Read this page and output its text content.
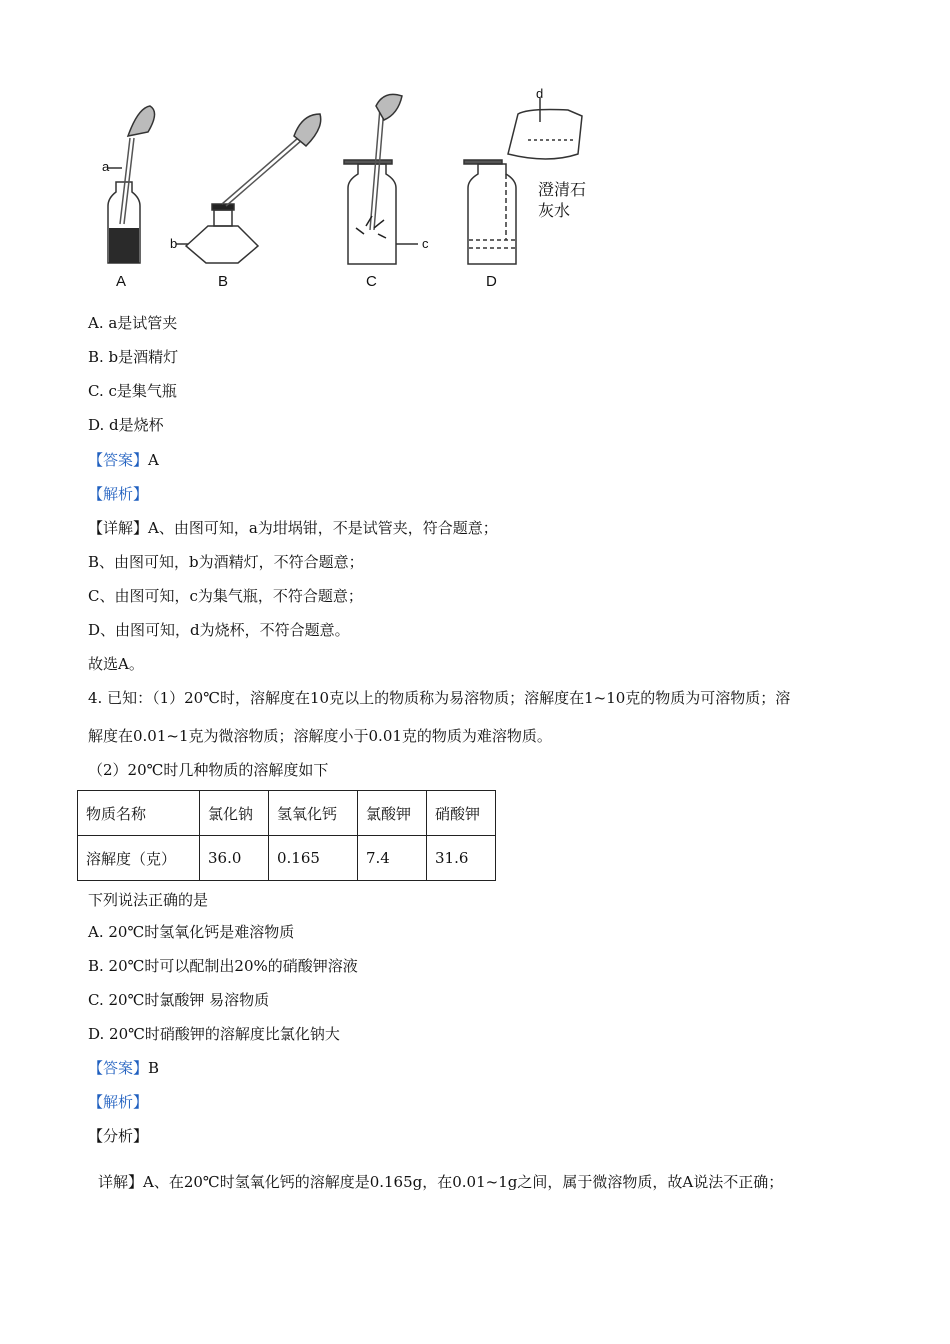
a
A
b
B
c
C
d
澄清石
灰水
D
A. a是试管夹
B. b是酒精灯
C. c是集气瓶
D. d是烧杯
【答案】A
【解析】
【详解】A、由图可知，a为坩埚钳，不是试管夹，符合题意；
B、由图可知，b为酒精灯，不符合题意；
C、由图可知，c为集气瓶，不符合题意；
D、由图可知，d为烧杯，不符合题意。
故选A。
4. 已知：（1）20℃时，溶解度在10克以上的物质称为易溶物质；溶解度在1~10克的物质为可溶物质；溶
解度在0.01~1克为微溶物质；溶解度小于0.01克的物质为难溶物质。
（2）20℃时几种物质的溶解度如下
物质名称	氯化钠	氢氧化钙	氯酸钾	硝酸钾
溶解度（克）	36.0	0.165	7.4	31.6
下列说法正确的是
A. 20℃时氢氧化钙是难溶物质
B. 20℃时可以配制出20%的硝酸钾溶液
C. 20℃时氯酸钾 易溶物质
D. 20℃时硝酸钾的溶解度比氯化钠大
【答案】B
【解析】
【分析】
详解】A、在20℃时氢氧化钙的溶解度是0.165g，在0.01~1g之间，属于微溶物质，故A说法不正确；
